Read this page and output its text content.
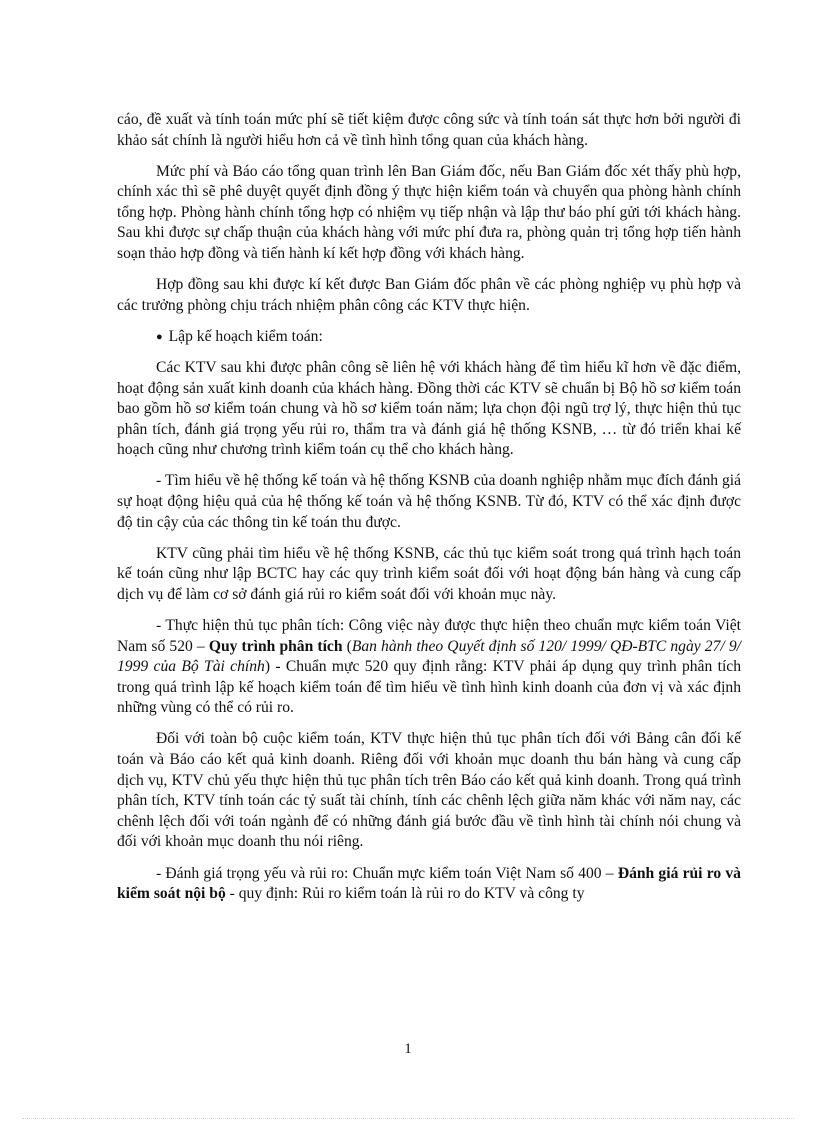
cáo, đề xuất và tính toán mức phí sẽ tiết kiệm được công sức và tính toán sát thực hơn bởi người đi khảo sát chính là người hiểu hơn cả về tình hình tổng quan của khách hàng.

Mức phí và Báo cáo tổng quan trình lên Ban Giám đốc, nếu Ban Giám đốc xét thấy phù hợp, chính xác thì sẽ phê duyệt quyết định đồng ý thực hiện kiểm toán và chuyển qua phòng hành chính tổng hợp. Phòng hành chính tổng hợp có nhiệm vụ tiếp nhận và lập thư báo phí gửi tới khách hàng. Sau khi được sự chấp thuận của khách hàng với mức phí đưa ra, phòng quản trị tổng hợp tiến hành soạn thảo hợp đồng và tiến hành kí kết hợp đồng với khách hàng.

Hợp đồng sau khi được kí kết được Ban Giám đốc phân về các phòng nghiệp vụ phù hợp và các trưởng phòng chịu trách nhiệm phân công các KTV thực hiện.

● Lập kế hoạch kiểm toán:

Các KTV sau khi được phân công sẽ liên hệ với khách hàng để tìm hiểu kĩ hơn về đặc điểm, hoạt động sản xuất kinh doanh của khách hàng. Đồng thời các KTV sẽ chuẩn bị Bộ hồ sơ kiểm toán bao gồm hồ sơ kiểm toán chung và hồ sơ kiểm toán năm; lựa chọn đội ngũ trợ lý, thực hiện thủ tục phân tích, đánh giá trọng yếu rủi ro, thẩm tra và đánh giá hệ thống KSNB, … từ đó triển khai kế hoạch cũng như chương trình kiểm toán cụ thể cho khách hàng.

- Tìm hiểu về hệ thống kế toán và hệ thống KSNB của doanh nghiệp nhằm mục đích đánh giá sự hoạt động hiệu quả của hệ thống kế toán và hệ thống KSNB. Từ đó, KTV có thể xác định được độ tin cậy của các thông tin kế toán thu được.

KTV cũng phải tìm hiểu về hệ thống KSNB, các thủ tục kiểm soát trong quá trình hạch toán kế toán cũng như lập BCTC hay các quy trình kiểm soát đối với hoạt động bán hàng và cung cấp dịch vụ để làm cơ sở đánh giá rủi ro kiểm soát đối với khoản mục này.

- Thực hiện thủ tục phân tích: Công việc này được thực hiện theo chuẩn mực kiểm toán Việt Nam số 520 – Quy trình phân tích (Ban hành theo Quyết định số 120/ 1999/ QĐ-BTC ngày 27/ 9/ 1999 của Bộ Tài chính) - Chuẩn mực 520 quy định rằng: KTV phải áp dụng quy trình phân tích trong quá trình lập kế hoạch kiểm toán để tìm hiểu về tình hình kinh doanh của đơn vị và xác định những vùng có thể có rủi ro.

Đối với toàn bộ cuộc kiểm toán, KTV thực hiện thủ tục phân tích đối với Bảng cân đối kế toán và Báo cáo kết quả kinh doanh. Riêng đối với khoản mục doanh thu bán hàng và cung cấp dịch vụ, KTV chủ yếu thực hiện thủ tục phân tích trên Báo cáo kết quả kinh doanh. Trong quá trình phân tích, KTV tính toán các tỷ suất tài chính, tính các chênh lệch giữa năm khác với năm nay, các chênh lệch đối với toán ngành để có những đánh giá bước đầu về tình hình tài chính nói chung và đối với khoản mục doanh thu nói riêng.

- Đánh giá trọng yếu và rủi ro: Chuẩn mực kiểm toán Việt Nam số 400 – Đánh giá rủi ro và kiểm soát nội bộ - quy định: Rủi ro kiểm toán là rủi ro do KTV và công ty

1
